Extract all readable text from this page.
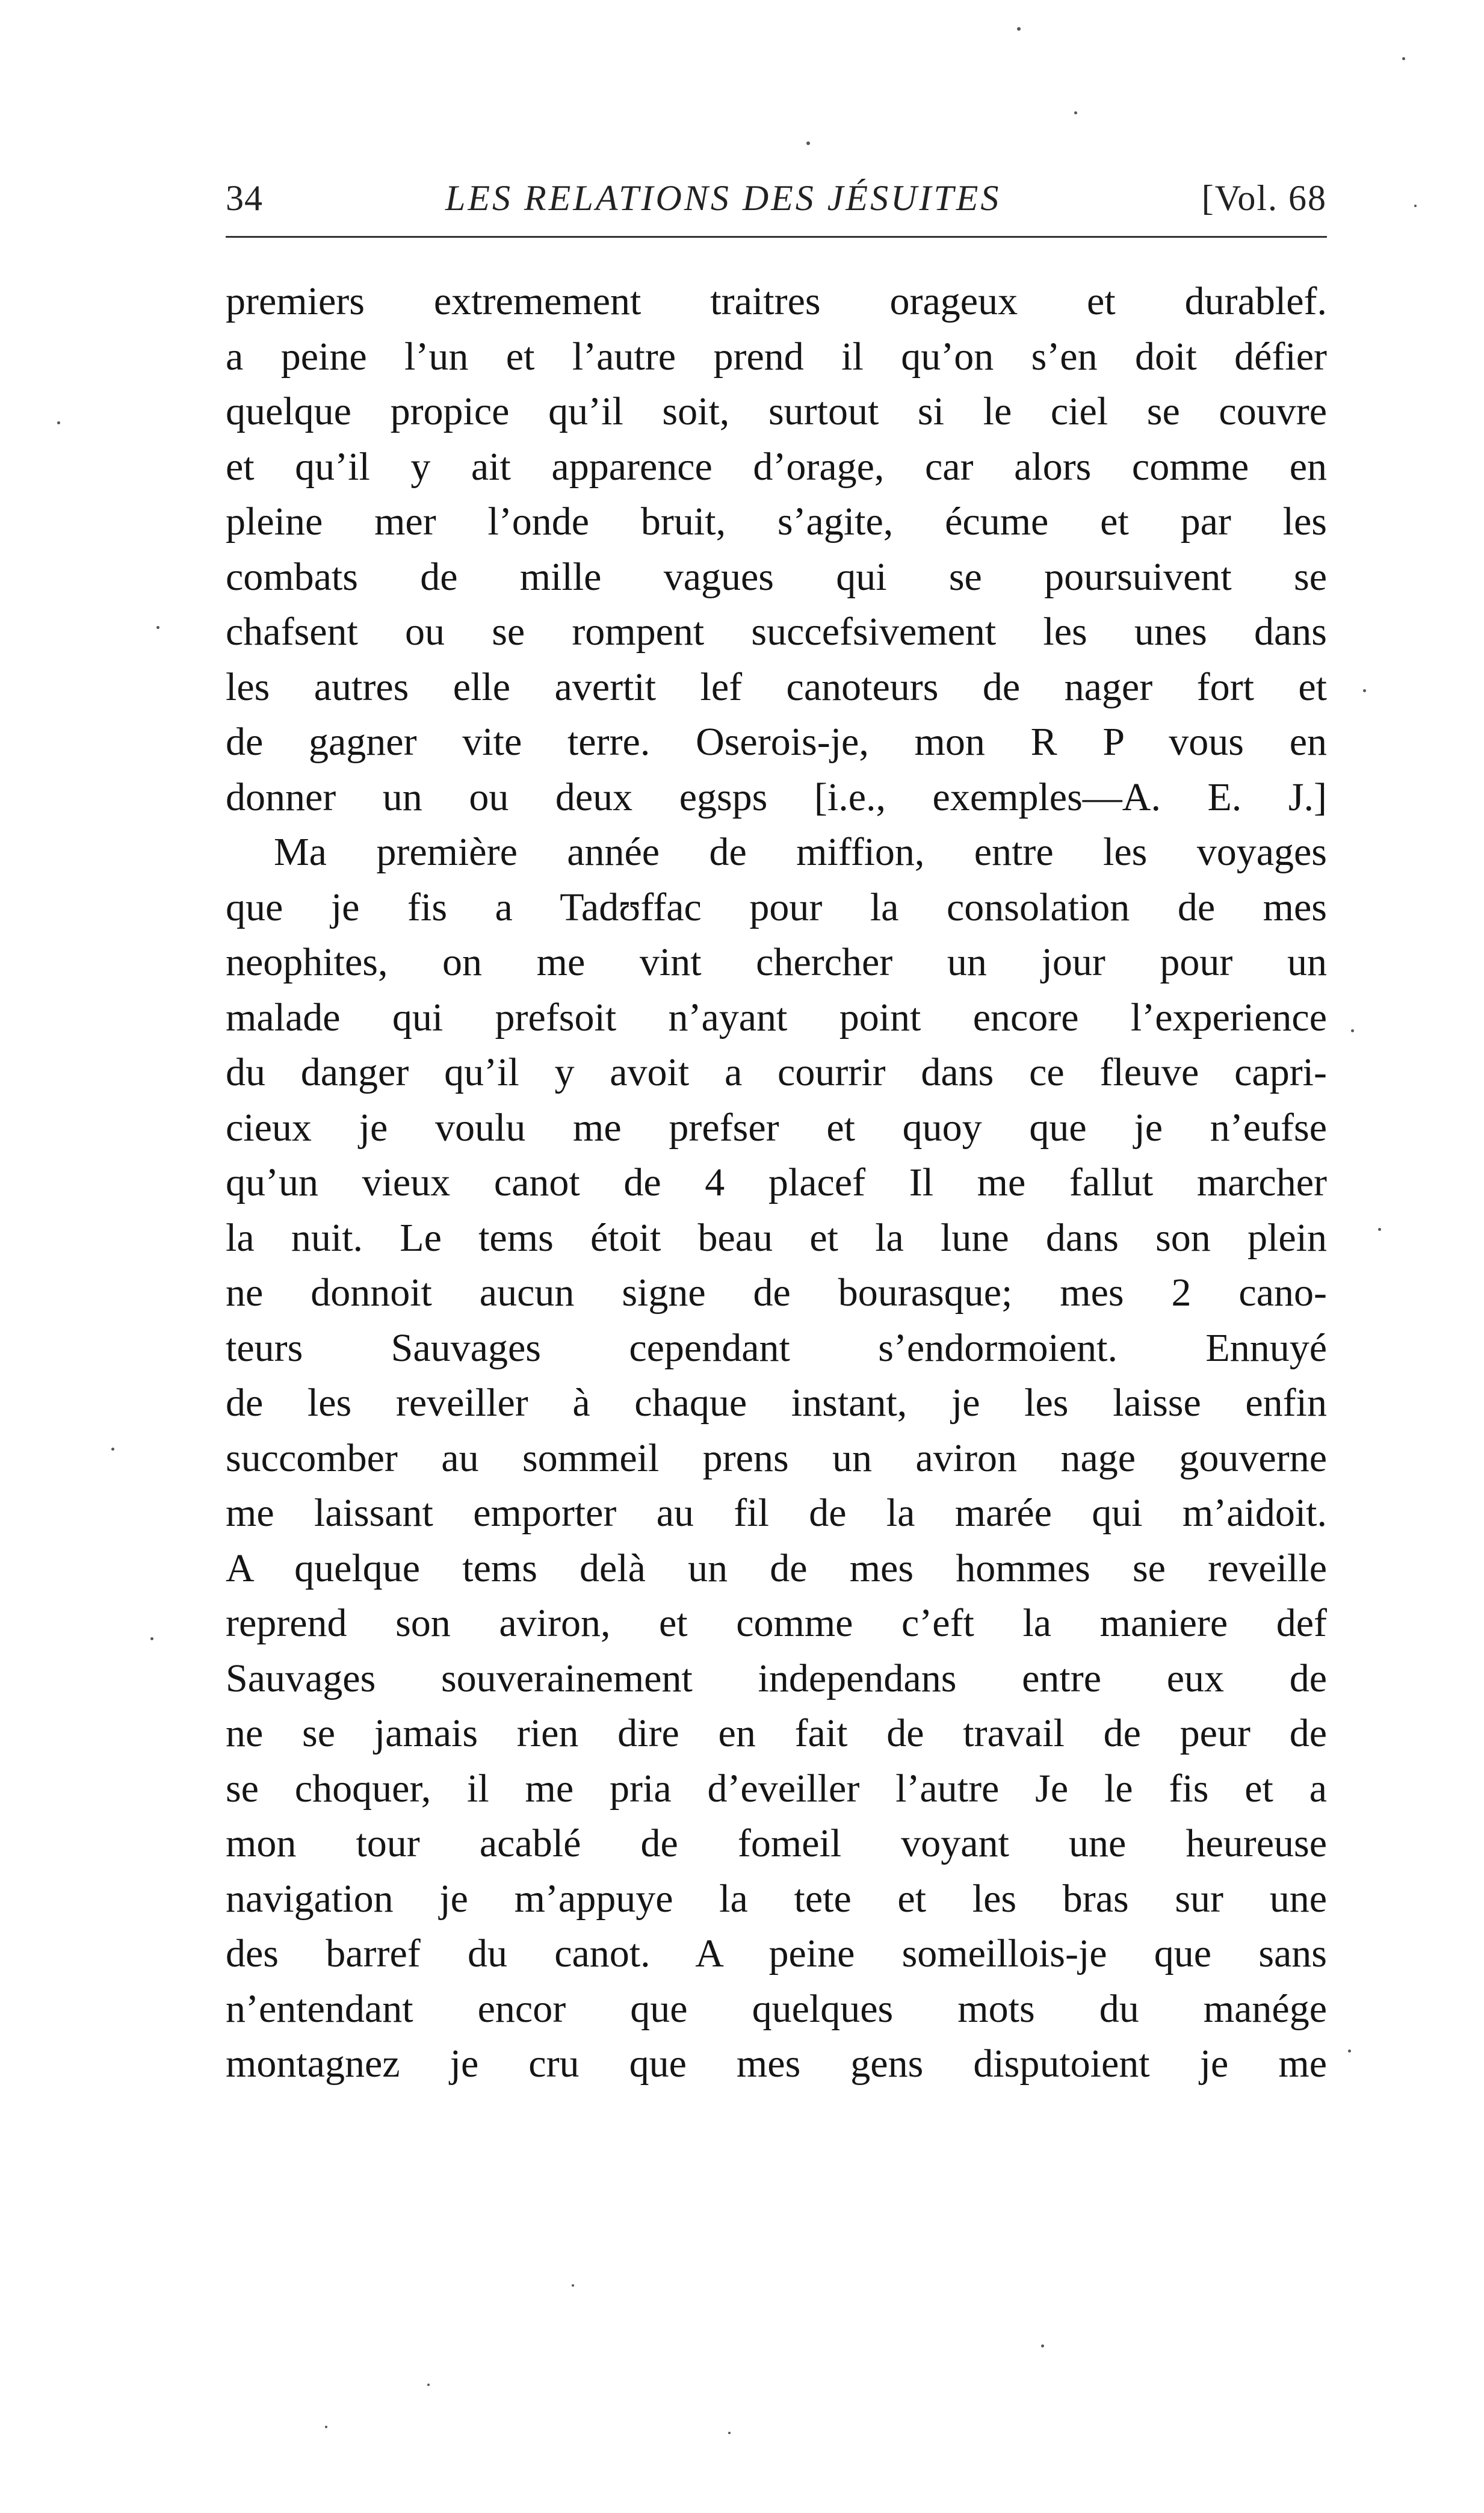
34	LES RELATIONS DES JÉSUITES	[Vol. 68
premiers extremement traitres orageux et durablef.
a peine l’un et l’autre prend il qu’on s’en doit défier
quelque propice qu’il soit, surtout si le ciel se couvre
et qu’il y ait apparence d’orage, car alors comme en
pleine mer l’onde bruit, s’agite, écume et par les
combats de mille vagues qui se poursuivent se
chafsent ou se rompent succefsivement les unes dans
les autres elle avertit lef canoteurs de nager fort et
de gagner vite terre. Oserois-je, mon R P vous en
donner un ou deux egsps [i.e., exemples—A. E. J.]
Ma première année de miffion, entre les voyages
que je fis a Tadʊffac pour la consolation de mes
neophites, on me vint chercher un jour pour un
malade qui prefsoit n’ayant point encore l’experience
du danger qu’il y avoit a courrir dans ce fleuve capri-
cieux je voulu me prefser et quoy que je n’eufse
qu’un vieux canot de 4 placef Il me fallut marcher
la nuit. Le tems étoit beau et la lune dans son plein
ne donnoit aucun signe de bourasque; mes 2 cano-
teurs Sauvages cependant s’endormoient. Ennuyé
de les reveiller à chaque instant, je les laisse enfin
succomber au sommeil prens un aviron nage gouverne
me laissant emporter au fil de la marée qui m’aidoit.
A quelque tems delà un de mes hommes se reveille
reprend son aviron, et comme c’eft la maniere def
Sauvages souverainement independans entre eux de
ne se jamais rien dire en fait de travail de peur de
se choquer, il me pria d’eveiller l’autre Je le fis et a
mon tour acablé de fomeil voyant une heureuse
navigation je m’appuye la tete et les bras sur une
des barref du canot. A peine someillois-je que sans
n’entendant encor que quelques mots du manége
montagnez je cru que mes gens disputoient je me
